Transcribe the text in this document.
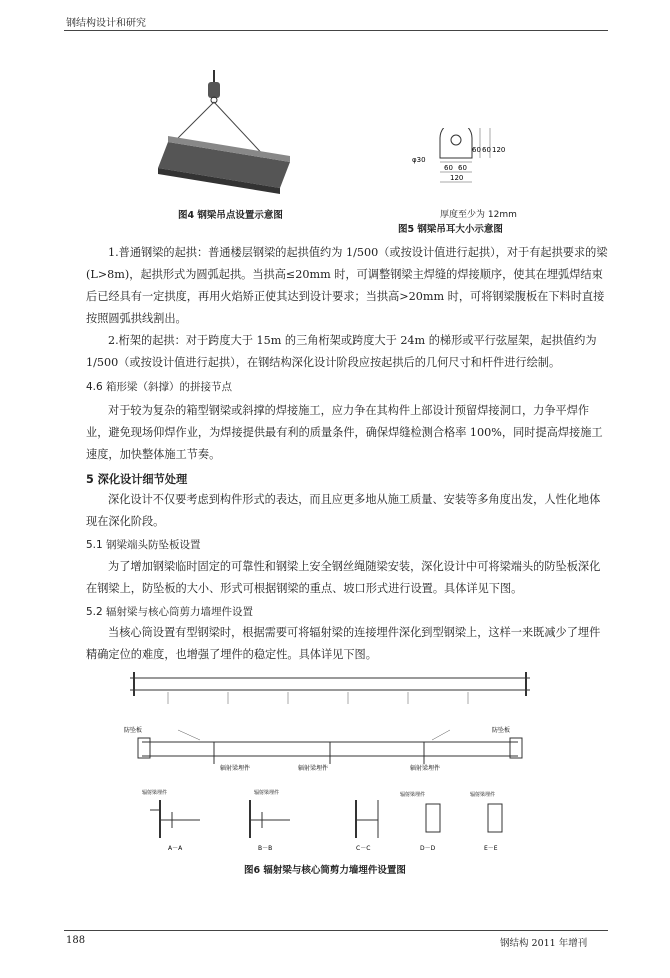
钢结构设计和研究
图4 钢梁吊点设置示意图
φ30
60 60 120
60 60
120
厚度至少为 12mm
图5 钢梁吊耳大小示意图
1.普通钢梁的起拱：普通楼层钢梁的起拱值约为 1/500（或按设计值进行起拱），对于有起拱要求的梁(L>8m)，起拱形式为圆弧起拱。当拱高≤20mm 时，可调整钢梁主焊缝的焊接顺序，使其在埋弧焊结束后已经具有一定拱度，再用火焰矫正使其达到设计要求；当拱高>20mm 时，可将钢梁腹板在下料时直接按照圆弧拱线割出。
2.桁架的起拱：对于跨度大于 15m 的三角桁架或跨度大于 24m 的梯形或平行弦屋架，起拱值约为 1/500（或按设计值进行起拱），在钢结构深化设计阶段应按起拱后的几何尺寸和杆件进行绘制。
4.6 箱形梁（斜撑）的拼接节点
对于较为复杂的箱型钢梁或斜撑的焊接施工，应力争在其构件上部设计预留焊接洞口，力争平焊作业，避免现场仰焊作业，为焊接提供最有利的质量条件，确保焊缝检测合格率 100%，同时提高焊接施工速度，加快整体施工节奏。
5 深化设计细节处理
深化设计不仅要考虑到构件形式的表达，而且应更多地从施工质量、安装等多角度出发，人性化地体现在深化阶段。
5.1 钢梁端头防坠板设置
为了增加钢梁临时固定的可靠性和钢梁上安全钢丝绳随梁安装，深化设计中可将梁端头的防坠板深化在钢梁上，防坠板的大小、形式可根据钢梁的重点、坡口形式进行设置。具体详见下图。
5.2 辐射梁与核心筒剪力墙埋件设置
当核心筒设置有型钢梁时，根据需要可将辐射梁的连接埋件深化到型钢梁上，这样一来既减少了埋件精确定位的难度，也增强了埋件的稳定性。具体详见下图。
防坠板	防坠板
辐射梁埋件	辐射梁埋件	辐射梁埋件
辐射梁埋件
A－A
辐射梁埋件
B－B	C－C
辐射梁埋件
D－D
辐射梁埋件
E－E
图6 辐射梁与核心筒剪力墙埋件设置图
188	钢结构 2011 年增刊
